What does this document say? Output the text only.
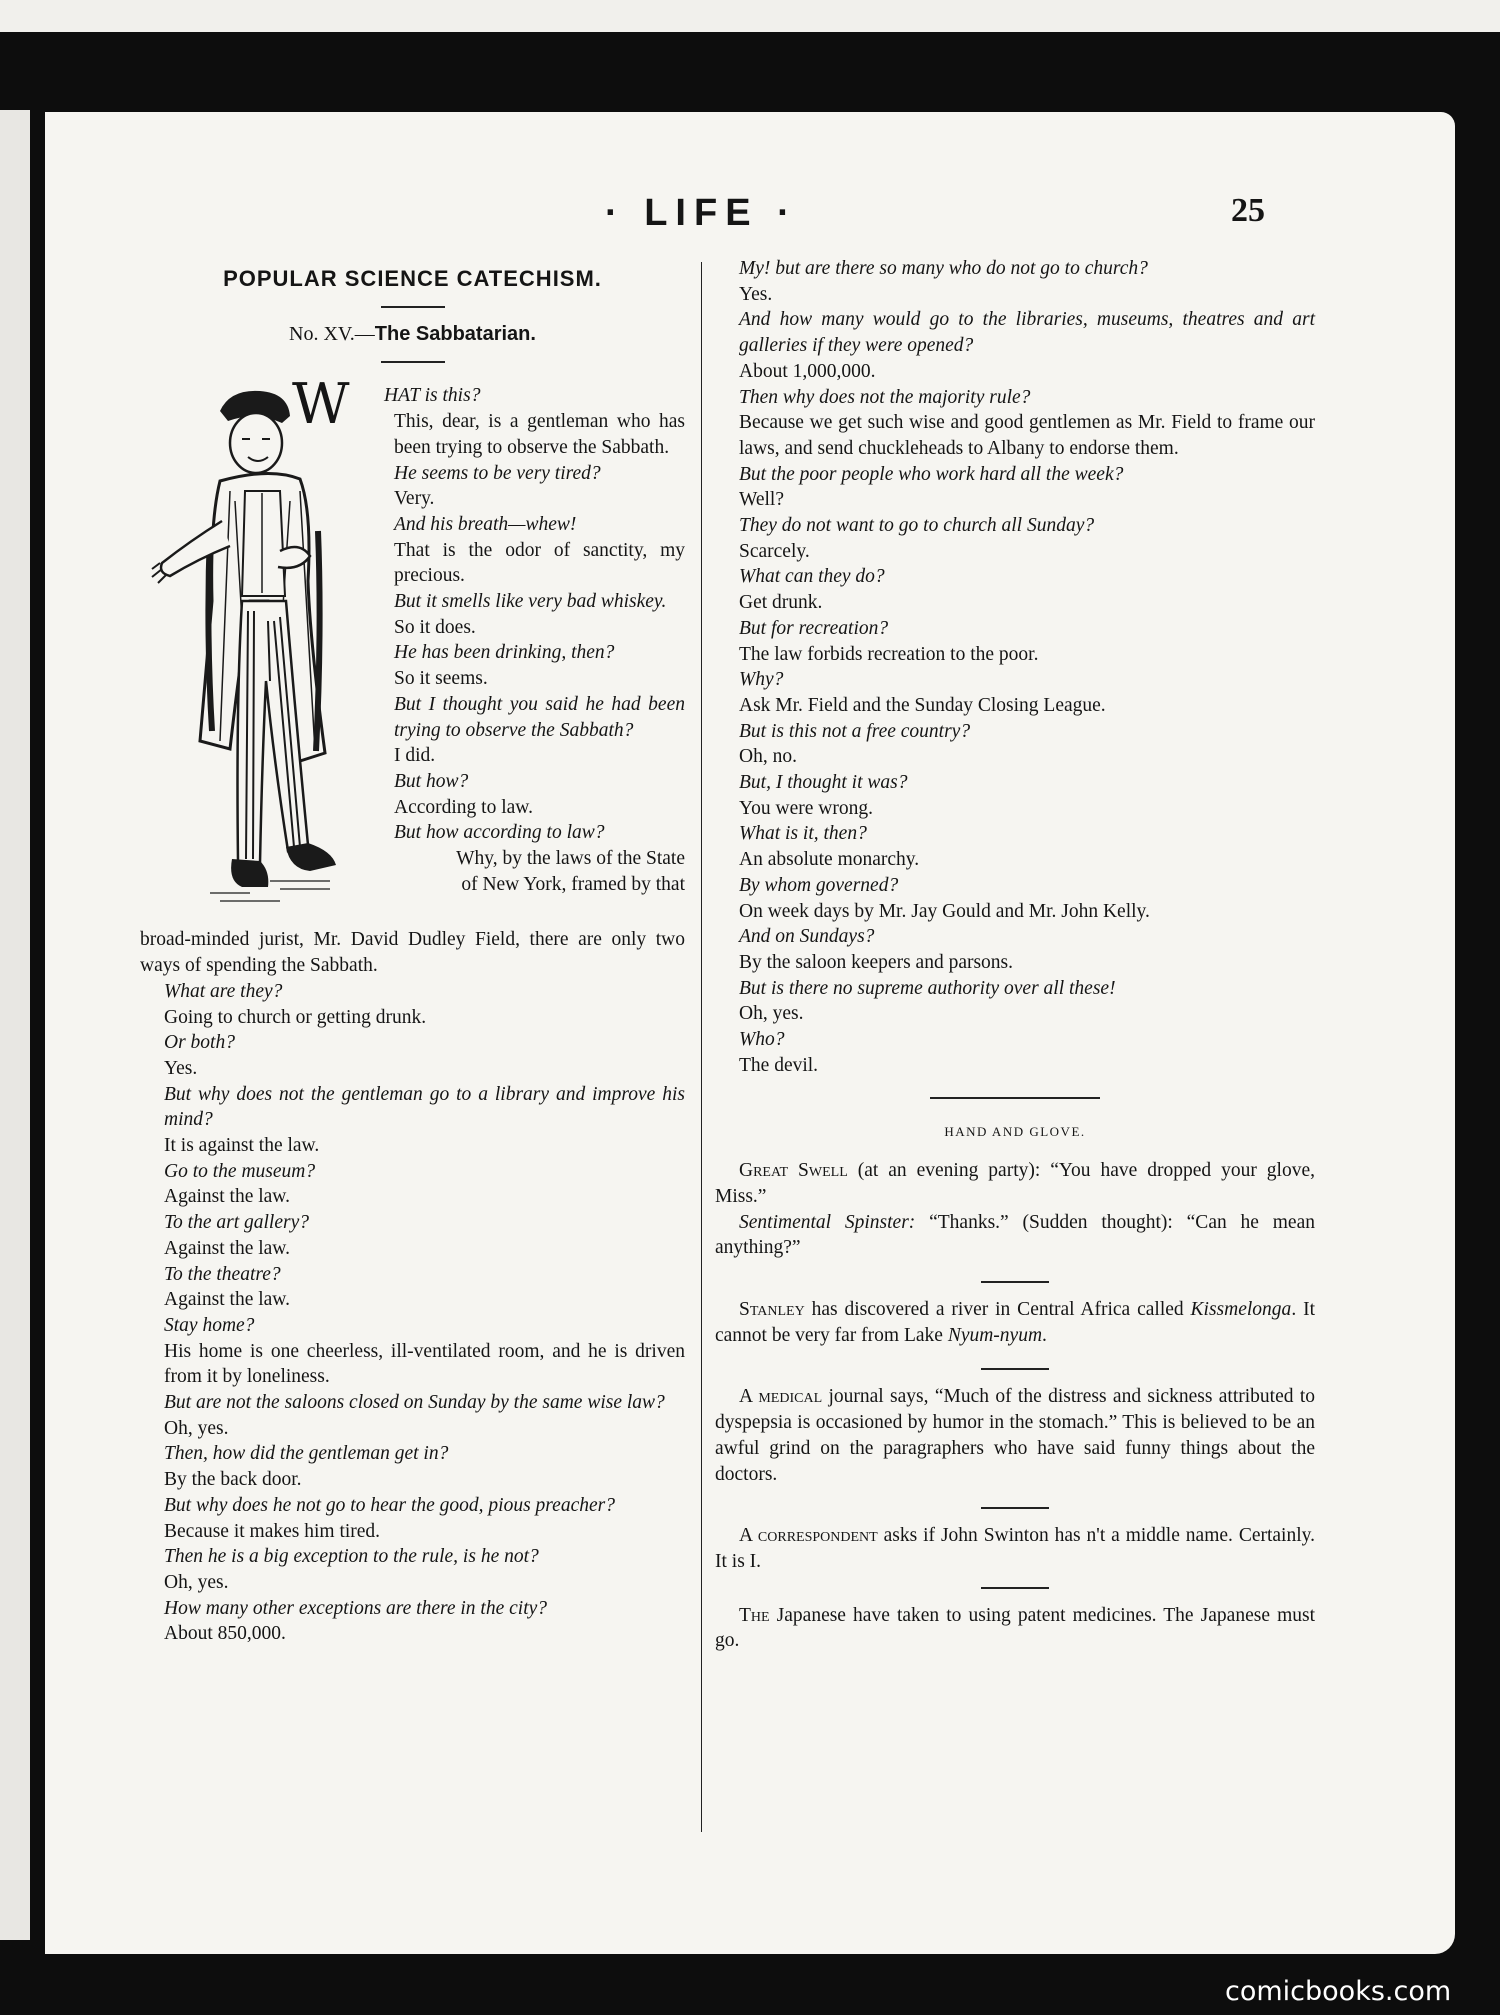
· LIFE ·	25
POPULAR SCIENCE CATECHISM.
No. XV.—The Sabbatarian.
W	HAT is this?

This, dear, is a gentleman who has been trying to observe the Sabbath.

He seems to be very tired?

Very.

And his breath—whew!

That is the odor of sanctity, my precious.

But it smells like very bad whiskey.

So it does.

He has been drinking, then?

So it seems.

But I thought you said he had been trying to observe the Sabbath?

I did.

But how?

According to law.

But how according to law?

Why, by the laws of the State

of New York, framed by that

broad-minded jurist, Mr. David Dudley Field, there are only two ways of spending the Sabbath.

What are they?

Going to church or getting drunk.

Or both?

Yes.

But why does not the gentleman go to a library and improve his mind?

It is against the law.

Go to the museum?

Against the law.

To the art gallery?

Against the law.

To the theatre?

Against the law.

Stay home?

His home is one cheerless, ill-ventilated room, and he is driven from it by loneliness.

But are not the saloons closed on Sunday by the same wise law?

Oh, yes.

Then, how did the gentleman get in?

By the back door.

But why does he not go to hear the good, pious preacher?

Because it makes him tired.

Then he is a big exception to the rule, is he not?

Oh, yes.

How many other exceptions are there in the city?

About 850,000.

My! but are there so many who do not go to church?

Yes.

And how many would go to the libraries, museums, theatres and art galleries if they were opened?

About 1,000,000.

Then why does not the majority rule?

Because we get such wise and good gentlemen as Mr. Field to frame our laws, and send chuckleheads to Albany to endorse them.

But the poor people who work hard all the week?

Well?

They do not want to go to church all Sunday?

Scarcely.

What can they do?

Get drunk.

But for recreation?

The law forbids recreation to the poor.

Why?

Ask Mr. Field and the Sunday Closing League.

But is this not a free country?

Oh, no.

But, I thought it was?

You were wrong.

What is it, then?

An absolute monarchy.

By whom governed?

On week days by Mr. Jay Gould and Mr. John Kelly.

And on Sundays?

By the saloon keepers and parsons.

But is there no supreme authority over all these!

Oh, yes.

Who?

The devil.

HAND AND GLOVE.

Great Swell (at an evening party): “You have dropped your glove, Miss.”

Sentimental Spinster: “Thanks.” (Sudden thought): “Can he mean anything?”

Stanley has discovered a river in Central Africa called Kissmelonga. It cannot be very far from Lake Nyum-nyum.

A medical journal says, “Much of the distress and sickness attributed to dyspepsia is occasioned by humor in the stomach.” This is believed to be an awful grind on the paragraphers who have said funny things about the doctors.

A correspondent asks if John Swinton has n't a middle name. Certainly. It is I.

The Japanese have taken to using patent medicines. The Japanese must go.

comicbooks.com
